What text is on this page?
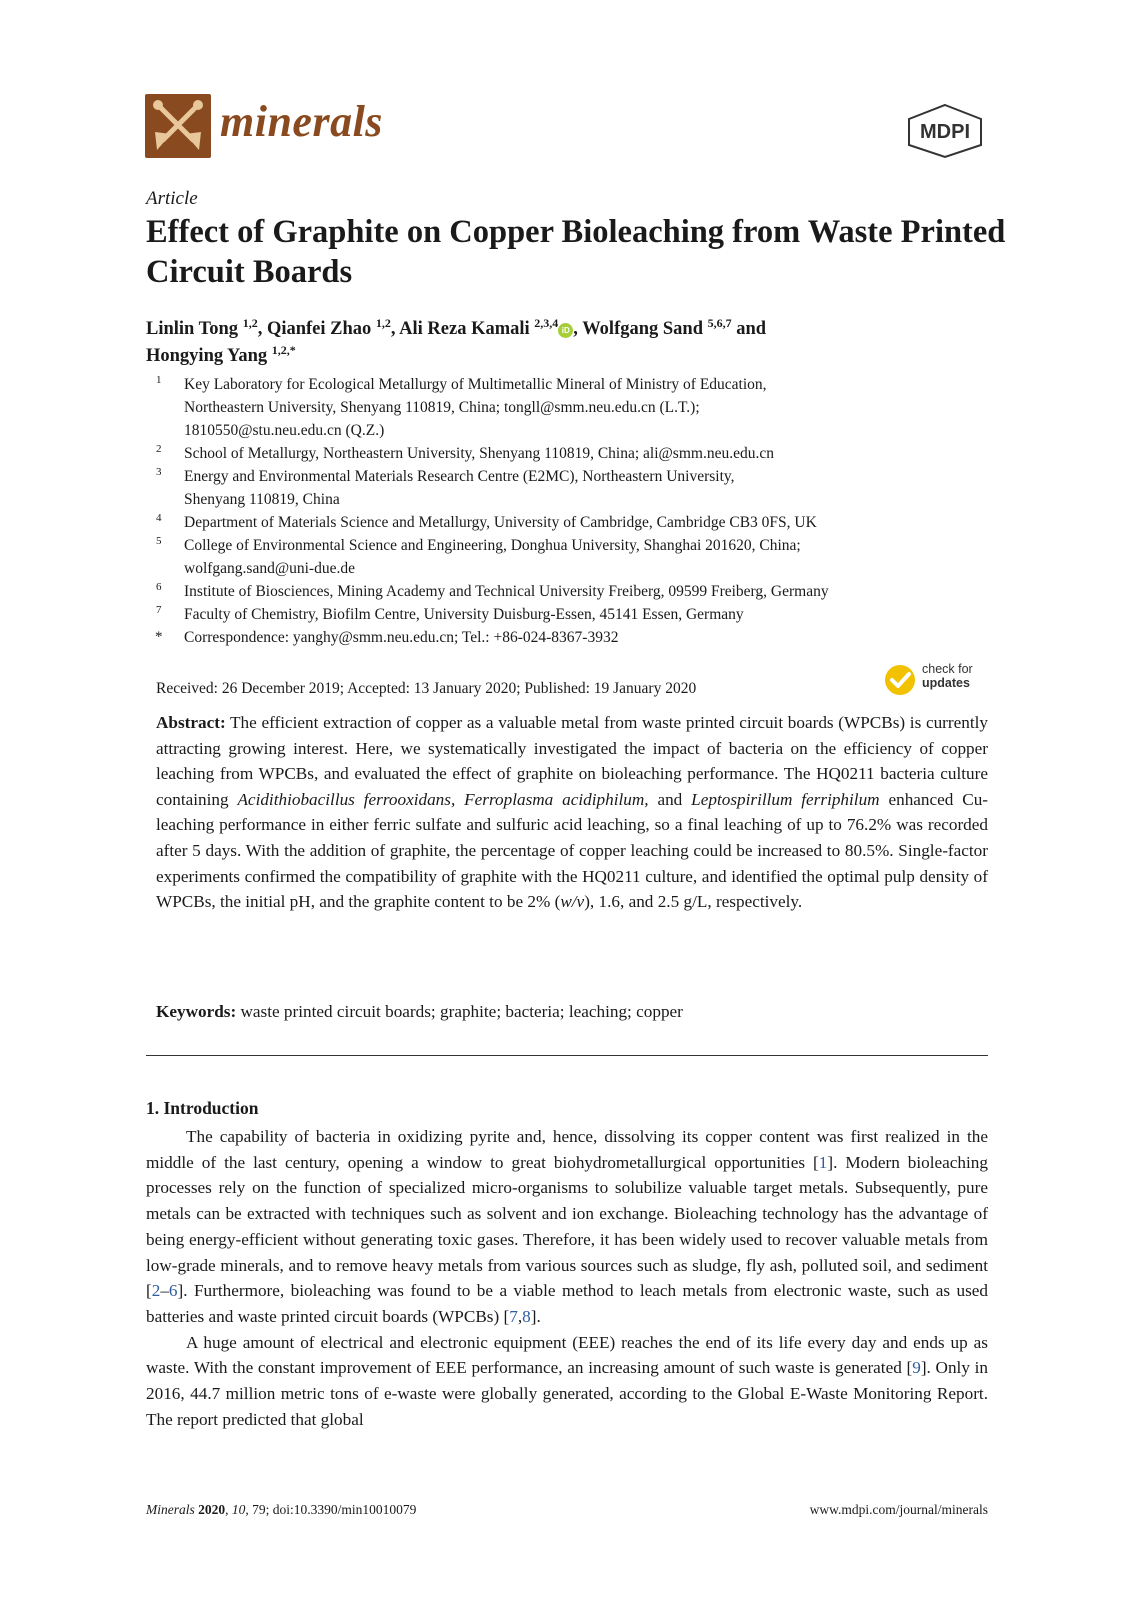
minerals	MDPI
Article
Effect of Graphite on Copper Bioleaching from Waste Printed Circuit Boards
Linlin Tong $^{1,2}$, Qianfei Zhao $^{1,2}$, Ali Reza Kamali $^{2,3,4}$iD , Wolfgang Sand $^{5,6,7}$ and
Hongying Yang $^{1,2,*}$
1 Key Laboratory for Ecological Metallurgy of Multimetallic Mineral of Ministry of Education,
Northeastern University, Shenyang 110819, China; tongll@smm.neu.edu.cn (L.T.);
1810550@stu.neu.edu.cn (Q.Z.)
2 School of Metallurgy, Northeastern University, Shenyang 110819, China; ali@smm.neu.edu.cn
3 Energy and Environmental Materials Research Centre (E2MC), Northeastern University,
Shenyang 110819, China
4 Department of Materials Science and Metallurgy, University of Cambridge, Cambridge CB3 0FS, UK
5 College of Environmental Science and Engineering, Donghua University, Shanghai 201620, China;
wolfgang.sand@uni-due.de
6 Institute of Biosciences, Mining Academy and Technical University Freiberg, 09599 Freiberg, Germany
7 Faculty of Chemistry, Biofilm Centre, University Duisburg-Essen, 45141 Essen, Germany
* Correspondence: yanghy@smm.neu.edu.cn; Tel.: +86-024-8367-3932
Received: 26 December 2019; Accepted: 13 January 2020; Published: 19 January 2020
check for
updates
Abstract: The efficient extraction of copper as a valuable metal from waste printed circuit boards (WPCBs) is currently attracting growing interest. Here, we systematically investigated the impact of bacteria on the efficiency of copper leaching from WPCBs, and evaluated the effect of graphite on bioleaching performance. The HQ0211 bacteria culture containing Acidithiobacillus ferrooxidans, Ferroplasma acidiphilum, and Leptospirillum ferriphilum enhanced Cu-leaching performance in either ferric sulfate and sulfuric acid leaching, so a final leaching of up to 76.2% was recorded after 5 days. With the addition of graphite, the percentage of copper leaching could be increased to 80.5%. Single-factor experiments confirmed the compatibility of graphite with the HQ0211 culture, and identified the optimal pulp density of WPCBs, the initial pH, and the graphite content to be 2% (w/v), 1.6, and 2.5 g/L, respectively.
Keywords: waste printed circuit boards; graphite; bacteria; leaching; copper
1. Introduction

The capability of bacteria in oxidizing pyrite and, hence, dissolving its copper content was first realized in the middle of the last century, opening a window to great biohydrometallurgical opportunities [1]. Modern bioleaching processes rely on the function of specialized micro-organisms to solubilize valuable target metals. Subsequently, pure metals can be extracted with techniques such as solvent and ion exchange. Bioleaching technology has the advantage of being energy-efficient without generating toxic gases. Therefore, it has been widely used to recover valuable metals from low-grade minerals, and to remove heavy metals from various sources such as sludge, fly ash, polluted soil, and sediment [2–6]. Furthermore, bioleaching was found to be a viable method to leach metals from electronic waste, such as used batteries and waste printed circuit boards (WPCBs) [7,8].

A huge amount of electrical and electronic equipment (EEE) reaches the end of its life every day and ends up as waste. With the constant improvement of EEE performance, an increasing amount of such waste is generated [9]. Only in 2016, 44.7 million metric tons of e-waste were globally generated, according to the Global E-Waste Monitoring Report. The report predicted that global

Minerals 2020, 10, 79; doi:10.3390/min10010079	www.mdpi.com/journal/minerals
